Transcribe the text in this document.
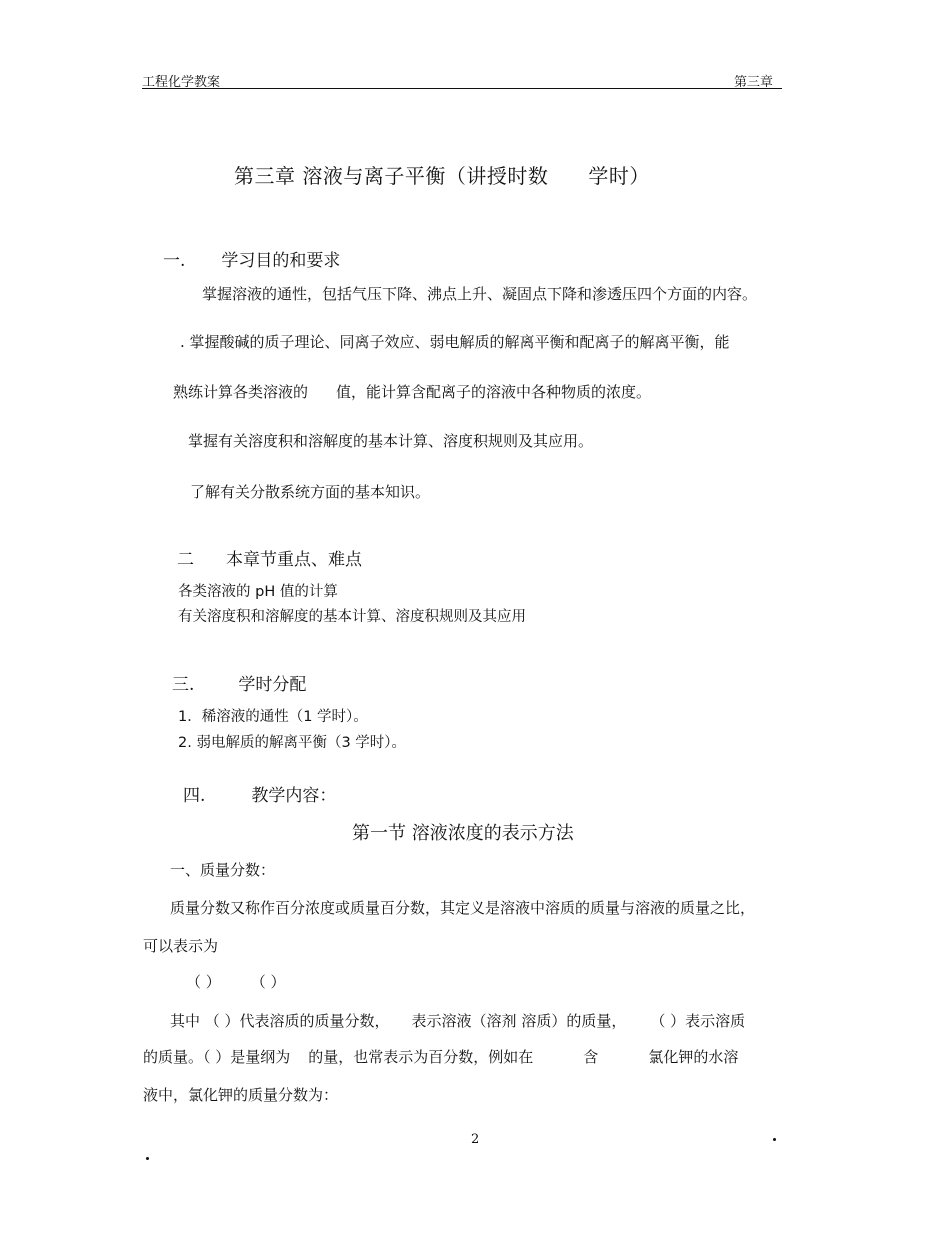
工程化学教案	第三章
第三章 溶液与离子平衡（讲授时数 学时）
一. 学习目的和要求
掌握溶液的通性，包括气压下降、沸点上升、凝固点下降和渗透压四个方面的内容。
. 掌握酸碱的质子理论、同离子效应、弱电解质的解离平衡和配离子的解离平衡，能
熟练计算各类溶液的 值，能计算含配离子的溶液中各种物质的浓度。
掌握有关溶度积和溶解度的基本计算、溶度积规则及其应用。
了解有关分散系统方面的基本知识。
二 本章节重点、难点
各类溶液的 pH 值的计算
有关溶度积和溶解度的基本计算、溶度积规则及其应用
三.	学时分配
1．稀溶液的通性（1 学时）。
2. 弱电解质的解离平衡（3 学时）。
四.	教学内容：
第一节 溶液浓度的表示方法
一、质量分数：
质量分数又称作百分浓度或质量百分数，其定义是溶液中溶质的质量与溶液的质量之比，
可以表示为
（ ） （ ）
其中 （ ）代表溶质的质量分数， 表示溶液（溶剂 溶质）的质量， （ ）表示溶质
的质量。（ ）是量纲为 的量，也常表示为百分数，例如在	含	氯化钾的水溶
液中，氯化钾的质量分数为：
2
